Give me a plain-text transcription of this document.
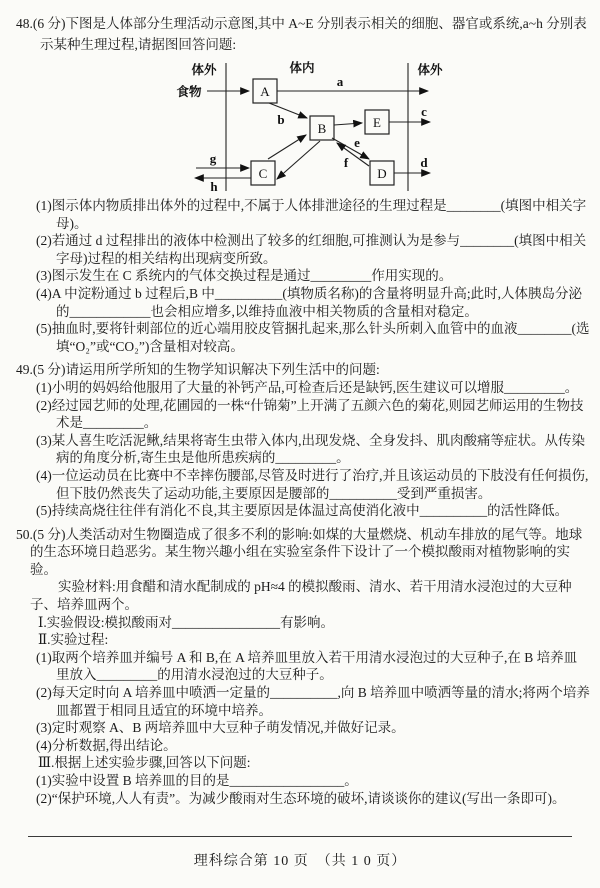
48.(6 分)下图是人体部分生理活动示意图,其中 A~E 分别表示相关的细胞、器官或系统,a~h 分别表示某种生理过程,请据图回答问题:

体外	体内	体外
食物	A
B	E
C	D
a
b
c
e
f	d
g
h

(1)图示体内物质排出体外的过程中,不属于人体排泄途径的生理过程是________(填图中相关字母)。

(2)若通过 d 过程排出的液体中检测出了较多的红细胞,可推测认为是参与________(填图中相关字母)过程的相关结构出现病变所致。

(3)图示发生在 C 系统内的气体交换过程是通过_________作用实现的。

(4)A 中淀粉通过 b 过程后,B 中__________(填物质名称)的含量将明显升高;此时,人体胰岛分泌的____________也会相应增多,以维持血液中相关物质的含量相对稳定。

(5)抽血时,要将针刺部位的近心端用胶皮管捆扎起来,那么针头所刺入血管中的血液________(选填“O₂”或“CO₂”)含量相对较高。

49.(5 分)请运用所学所知的生物学知识解决下列生活中的问题:

(1)小明的妈妈给他服用了大量的补钙产品,可检查后还是缺钙,医生建议可以增服_________。

(2)经过园艺师的处理,花圃园的一株“什锦菊”上开满了五颜六色的菊花,则园艺师运用的生物技术是_________。

(3)某人喜生吃活泥鳅,结果将寄生虫带入体内,出现发烧、全身发抖、肌肉酸痛等症状。从传染病的角度分析,寄生虫是他所患疾病的_________。

(4)一位运动员在比赛中不幸摔伤腰部,尽管及时进行了治疗,并且该运动员的下肢没有任何损伤,但下肢仍然丧失了运动功能,主要原因是腰部的__________受到严重损害。

(5)持续高烧往往伴有消化不良,其主要原因是体温过高使消化液中__________的活性降低。

50.(5 分)人类活动对生物圈造成了很多不利的影响:如煤的大量燃烧、机动车排放的尾气等。地球的生态环境日趋恶劣。某生物兴趣小组在实验室条件下设计了一个模拟酸雨对植物影响的实验。

实验材料:用食醋和清水配制成的 pH≈4 的模拟酸雨、清水、若干用清水浸泡过的大豆种子、培养皿两个。

Ⅰ.实验假设:模拟酸雨对________________有影响。

Ⅱ.实验过程:

(1)取两个培养皿并编号 A 和 B,在 A 培养皿里放入若干用清水浸泡过的大豆种子,在 B 培养皿里放入_________的用清水浸泡过的大豆种子。

(2)每天定时向 A 培养皿中喷洒一定量的__________,向 B 培养皿中喷洒等量的清水;将两个培养皿都置于相同且适宜的环境中培养。

(3)定时观察 A、B 两培养皿中大豆种子萌发情况,并做好记录。

(4)分析数据,得出结论。

Ⅲ.根据上述实验步骤,回答以下问题:

(1)实验中设置 B 培养皿的目的是_________________。

(2)“保护环境,人人有责”。为减少酸雨对生态环境的破坏,请谈谈你的建议(写出一条即可)。

理科综合第 10 页　（共 1 0 页）
